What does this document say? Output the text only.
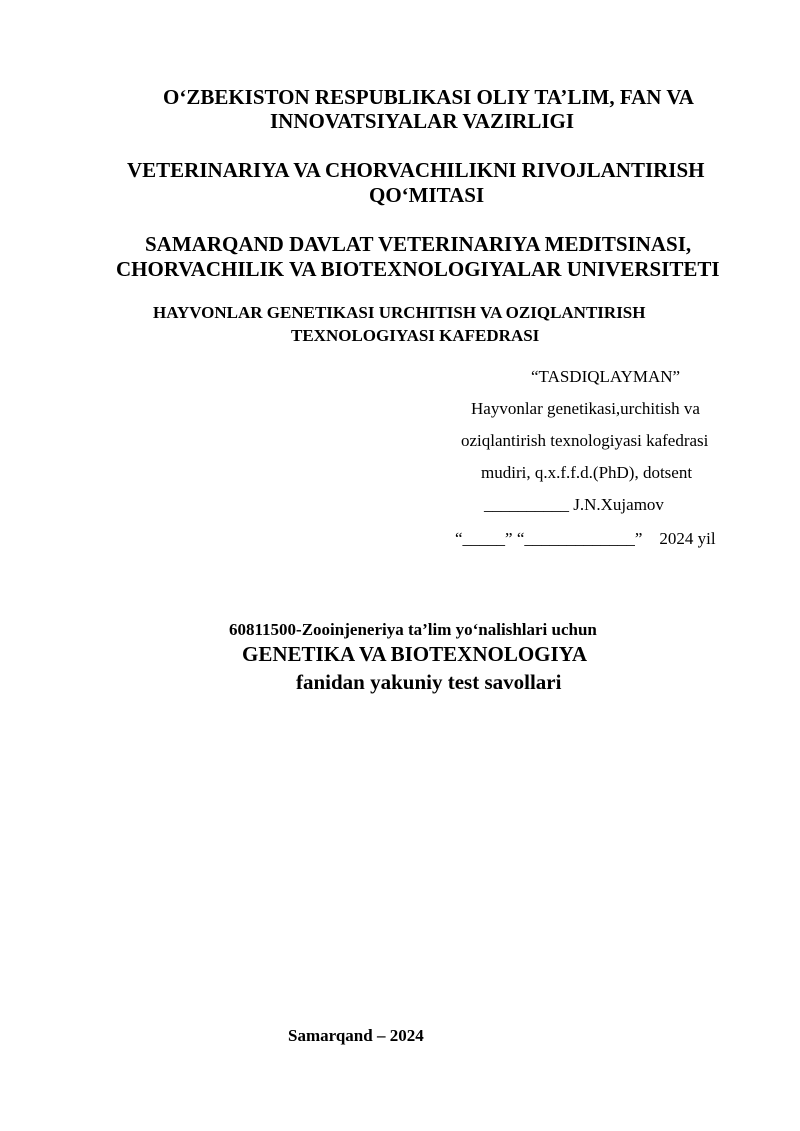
O‘ZBEKISTON RESPUBLIKASI OLIY TA’LIM, FAN VA
INNOVATSIYALAR VAZIRLIGI
VETERINARIYA VA CHORVACHILIKNI RIVOJLANTIRISH
QO‘MITASI
SAMARQAND DAVLAT VETERINARIYA MEDITSINASI,
CHORVACHILIK VA BIOTEXNOLOGIYALAR UNIVERSITETI
HAYVONLAR GENETIKASI URCHITISH VA OZIQLANTIRISH
TEXNOLOGIYASI KAFEDRASI
“TASDIQLAYMAN”
Hayvonlar genetikasi,urchitish va
oziqlantirish texnologiyasi kafedrasi
mudiri, q.x.f.f.d.(PhD), dotsent
__________ J.N.Xujamov
“_____” “_____________”    2024 yil
60811500-Zooinjeneriya ta’lim yo‘nalishlari uchun
GENETIKA VA BIOTEXNOLOGIYA
fanidan yakuniy test savollari
Samarqand – 2024
